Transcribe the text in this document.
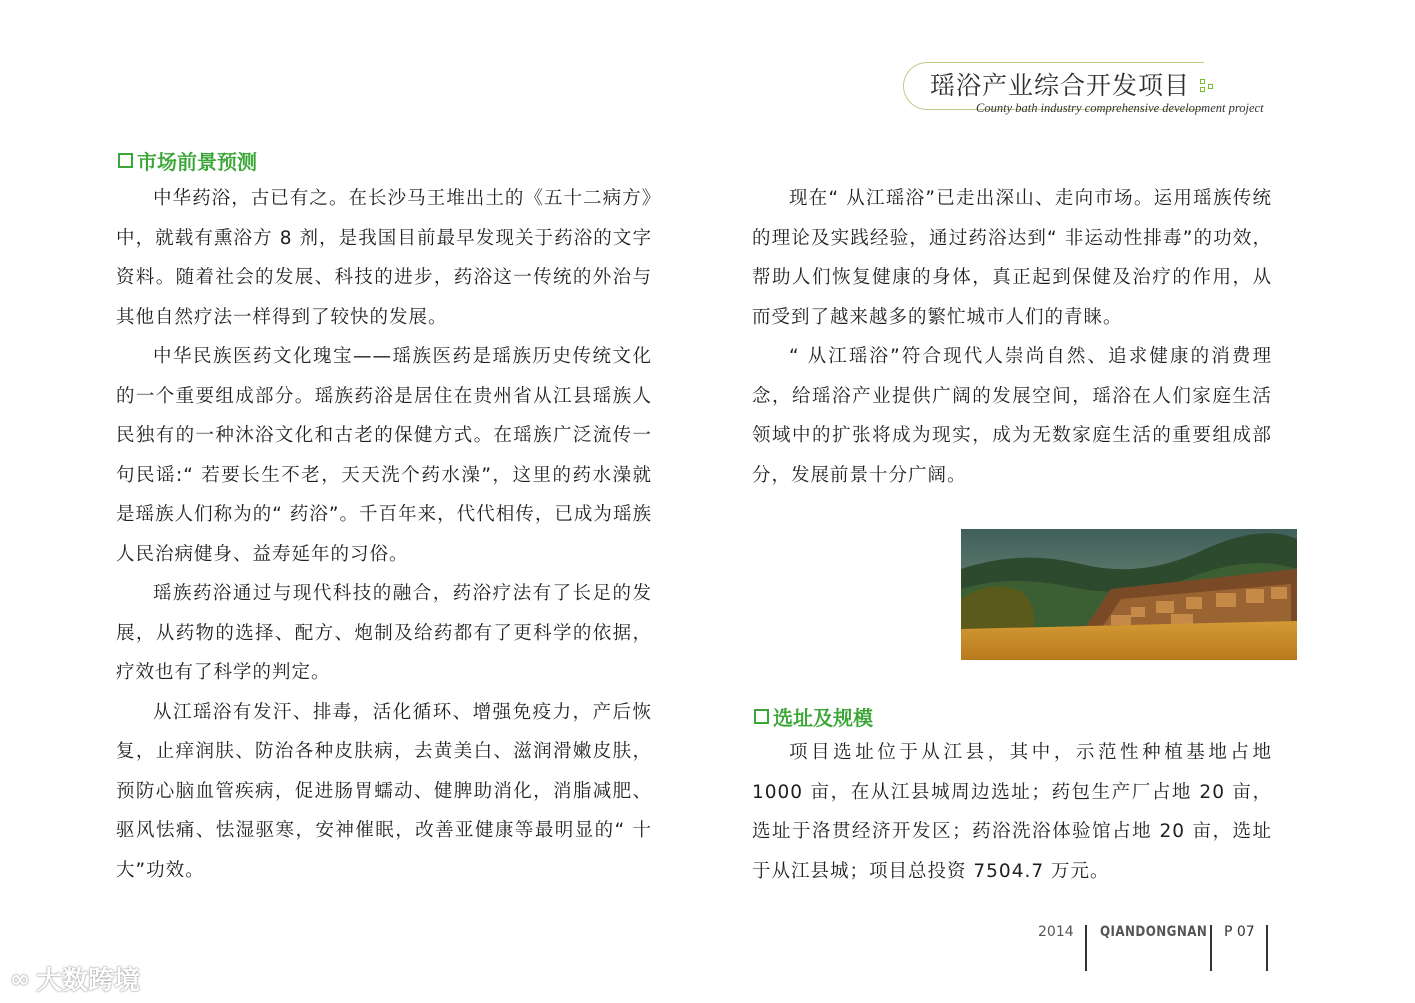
瑶浴产业综合开发项目
County bath industry comprehensive development project
市场前景预测

中华药浴，古已有之。在长沙马王堆出土的《五十二病方》中，就载有熏浴方 8 剂，是我国目前最早发现关于药浴的文字资料。随着社会的发展、科技的进步，药浴这一传统的外治与其他自然疗法一样得到了较快的发展。

中华民族医药文化瑰宝——瑶族医药是瑶族历史传统文化的一个重要组成部分。瑶族药浴是居住在贵州省从江县瑶族人民独有的一种沐浴文化和古老的保健方式。在瑶族广泛流传一句民谣:“ 若要长生不老，天天洗个药水澡”，这里的药水澡就是瑶族人们称为的“ 药浴”。千百年来，代代相传，已成为瑶族人民治病健身、益寿延年的习俗。

瑶族药浴通过与现代科技的融合，药浴疗法有了长足的发展，从药物的选择、配方、炮制及给药都有了更科学的依据，疗效也有了科学的判定。

从江瑶浴有发汗、排毒，活化循环、增强免疫力，产后恢复，止痒润肤、防治各种皮肤病，去黄美白、滋润滑嫩皮肤，预防心脑血管疾病，促进肠胃蠕动、健脾助消化，消脂减肥、驱风怯痛、怯湿驱寒，安神催眠，改善亚健康等最明显的“ 十大”功效。

现在“ 从江瑶浴”已走出深山、走向市场。运用瑶族传统的理论及实践经验，通过药浴达到“ 非运动性排毒”的功效，帮助人们恢复健康的身体，真正起到保健及治疗的作用，从而受到了越来越多的繁忙城市人们的青睐。

“ 从江瑶浴”符合现代人崇尚自然、追求健康的消费理念，给瑶浴产业提供广阔的发展空间，瑶浴在人们家庭生活领域中的扩张将成为现实，成为无数家庭生活的重要组成部分，发展前景十分广阔。

选址及规模

项目选址位于从江县，其中，示范性种植基地占地 1000 亩，在从江县城周边选址；药包生产厂占地 20 亩，选址于洛贯经济开发区；药浴洗浴体验馆占地 20 亩，选址于从江县城；项目总投资 7504.7 万元。

2014 QIANDONGNAN P 07
∞ 大数跨境
